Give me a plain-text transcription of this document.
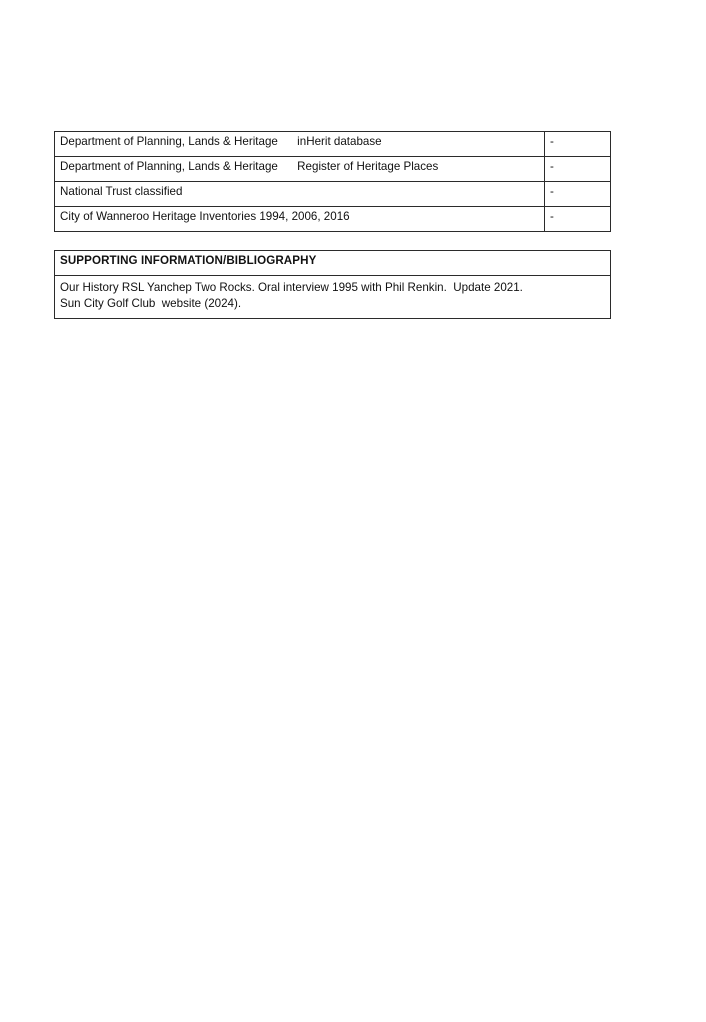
Department of Planning, Lands & Heritage inHerit database	-
Department of Planning, Lands & Heritage Register of Heritage Places	-
National Trust classified	-
City of Wanneroo Heritage Inventories 1994, 2006, 2016	-
SUPPORTING INFORMATION/BIBLIOGRAPHY

Our History RSL Yanchep Two Rocks. Oral interview 1995 with Phil Renkin.  Update 2021.

Sun City Golf Club  website (2024).
